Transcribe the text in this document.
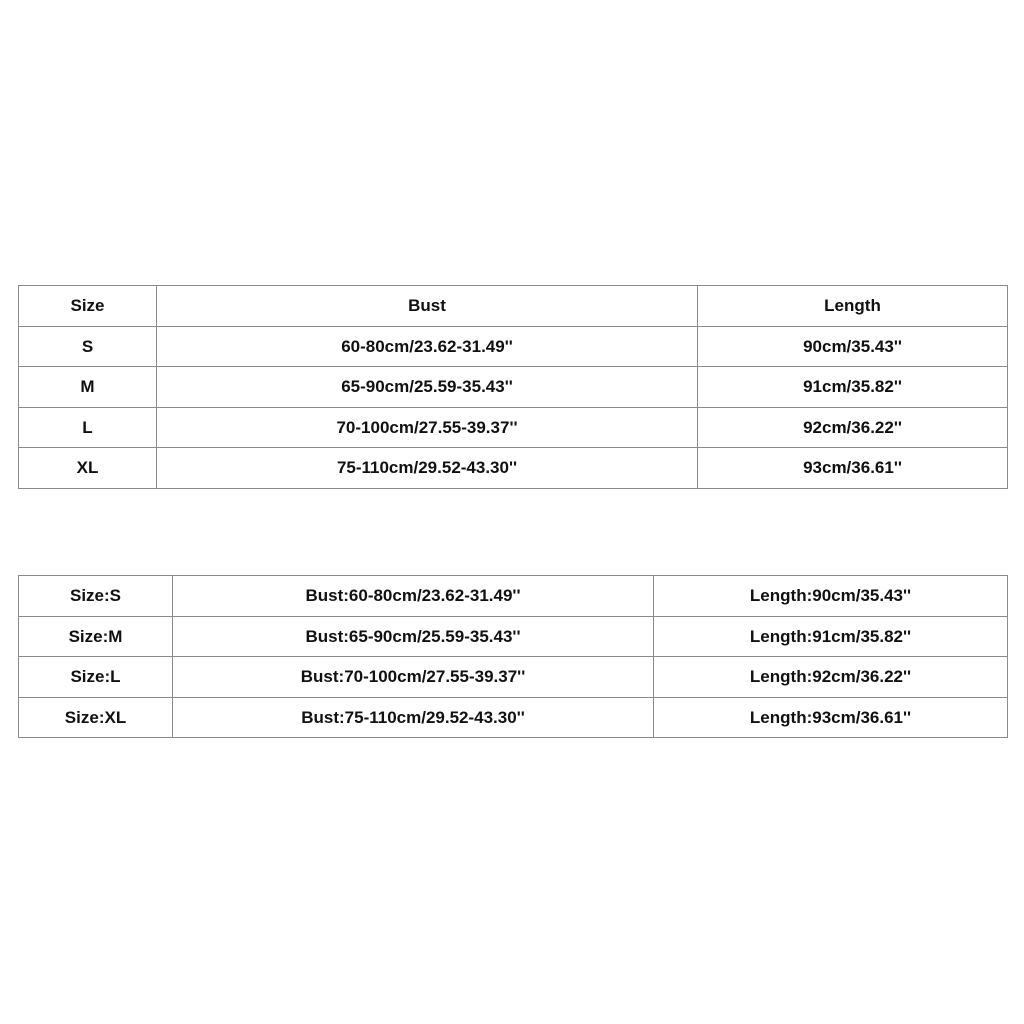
Size	Bust	Length
S	60-80cm/23.62-31.49''	90cm/35.43''
M	65-90cm/25.59-35.43''	91cm/35.82''
L	70-100cm/27.55-39.37''	92cm/36.22''
XL	75-110cm/29.52-43.30''	93cm/36.61''
Size:S	Bust:60-80cm/23.62-31.49''	Length:90cm/35.43''
Size:M	Bust:65-90cm/25.59-35.43''	Length:91cm/35.82''
Size:L	Bust:70-100cm/27.55-39.37''	Length:92cm/36.22''
Size:XL	Bust:75-110cm/29.52-43.30''	Length:93cm/36.61''
